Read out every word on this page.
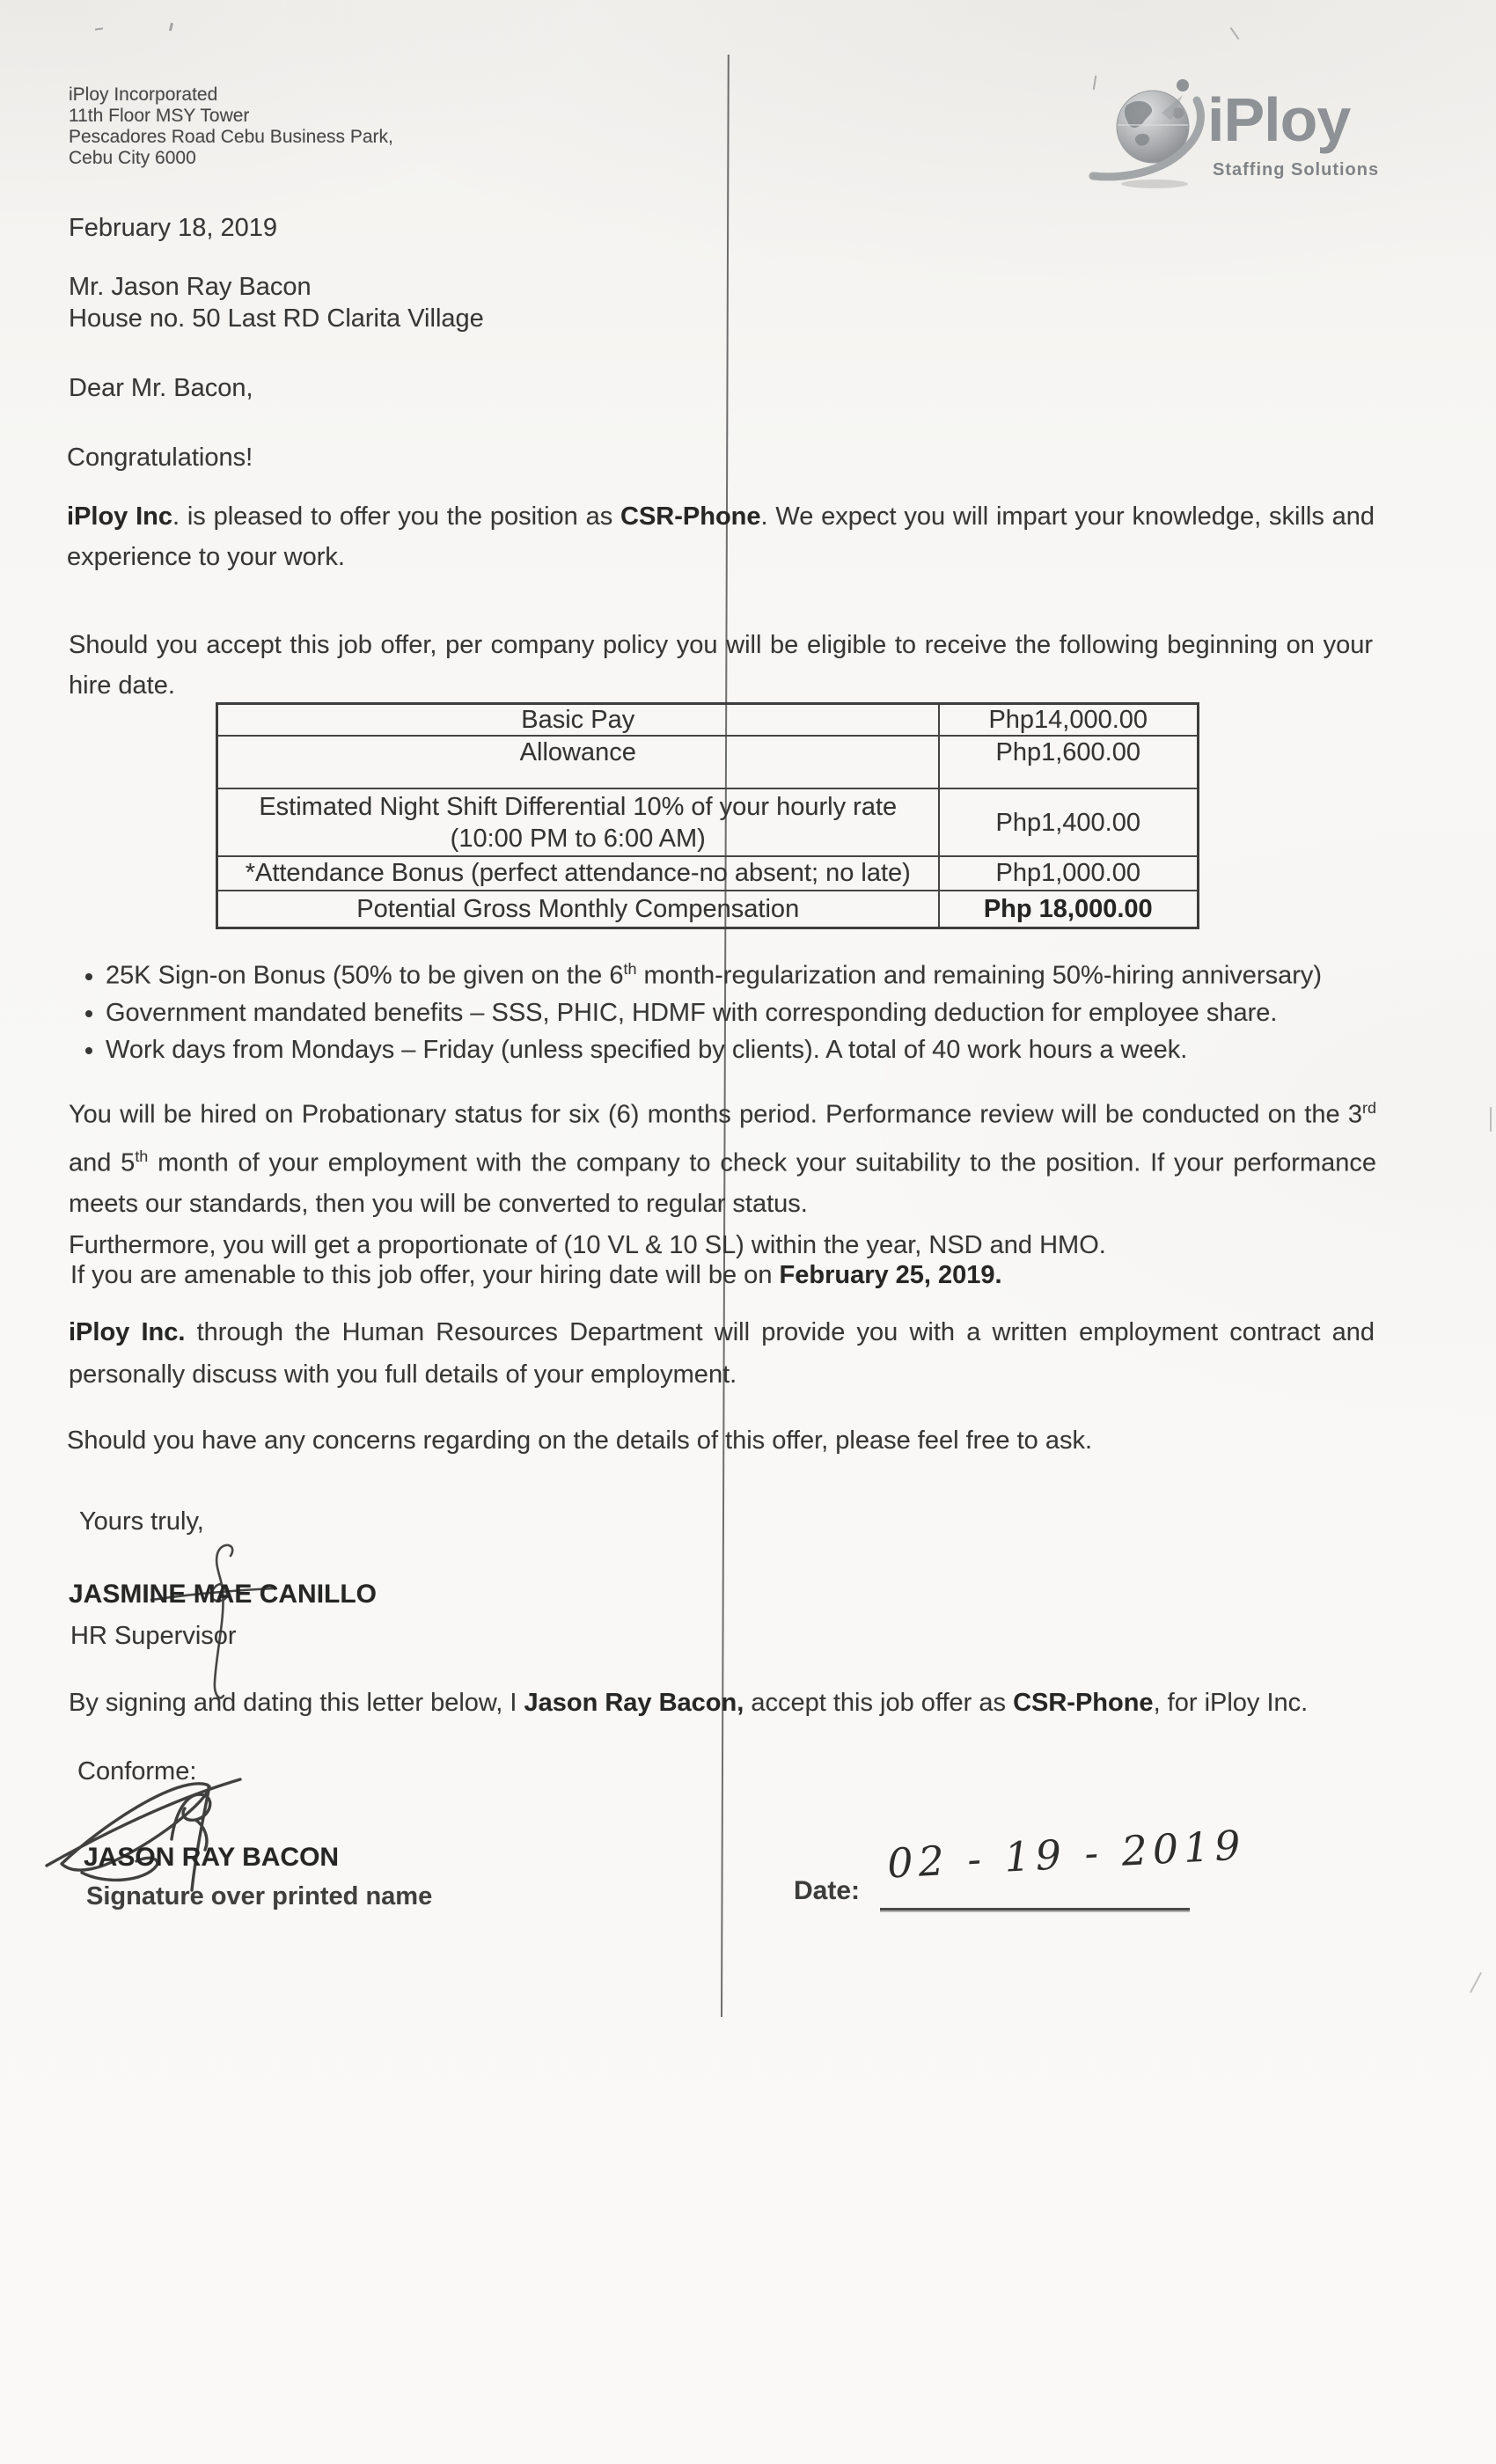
iPloy Incorporated
11th Floor MSY Tower
Pescadores Road Cebu Business Park,
Cebu City 6000
iPloy
Staffing Solutions
February 18, 2019
Mr. Jason Ray Bacon
House no. 50 Last RD Clarita Village
Dear Mr. Bacon,
Congratulations!
iPloy Inc. is pleased to offer you the position as CSR-Phone. We expect you will impart your knowledge, skills and experience to your work.
Should you accept this job offer, per company policy you will be eligible to receive the following beginning on your hire date.
Basic Pay	Php14,000.00
Allowance	Php1,600.00
Estimated Night Shift Differential 10% of your hourly rate
(10:00 PM to 6:00 AM)	Php1,400.00
*Attendance Bonus (perfect attendance-no absent; no late)	Php1,000.00
Potential Gross Monthly Compensation	Php 18,000.00
• 25K Sign-on Bonus (50% to be given on the 6th month-regularization and remaining 50%-hiring anniversary)
• Government mandated benefits – SSS, PHIC, HDMF with corresponding deduction for employee share.
• Work days from Mondays – Friday (unless specified by clients). A total of 40 work hours a week.
You will be hired on Probationary status for six (6) months period. Performance review will be conducted on the 3rd and 5th month of your employment with the company to check your suitability to the position. If your performance meets our standards, then you will be converted to regular status.
Furthermore, you will get a proportionate of (10 VL & 10 SL) within the year, NSD and HMO.
If you are amenable to this job offer, your hiring date will be on February 25, 2019.
iPloy Inc. through the Human Resources Department will provide you with a written employment contract and personally discuss with you full details of your employment.
Should you have any concerns regarding on the details of this offer, please feel free to ask.
Yours truly,
JASMINE MAE CANILLO
HR Supervisor
By signing and dating this letter below, I Jason Ray Bacon, accept this job offer as CSR-Phone, for iPloy Inc.
Conforme:
JASON RAY BACON
Signature over printed name	Date:
02 - 19 - 2019
